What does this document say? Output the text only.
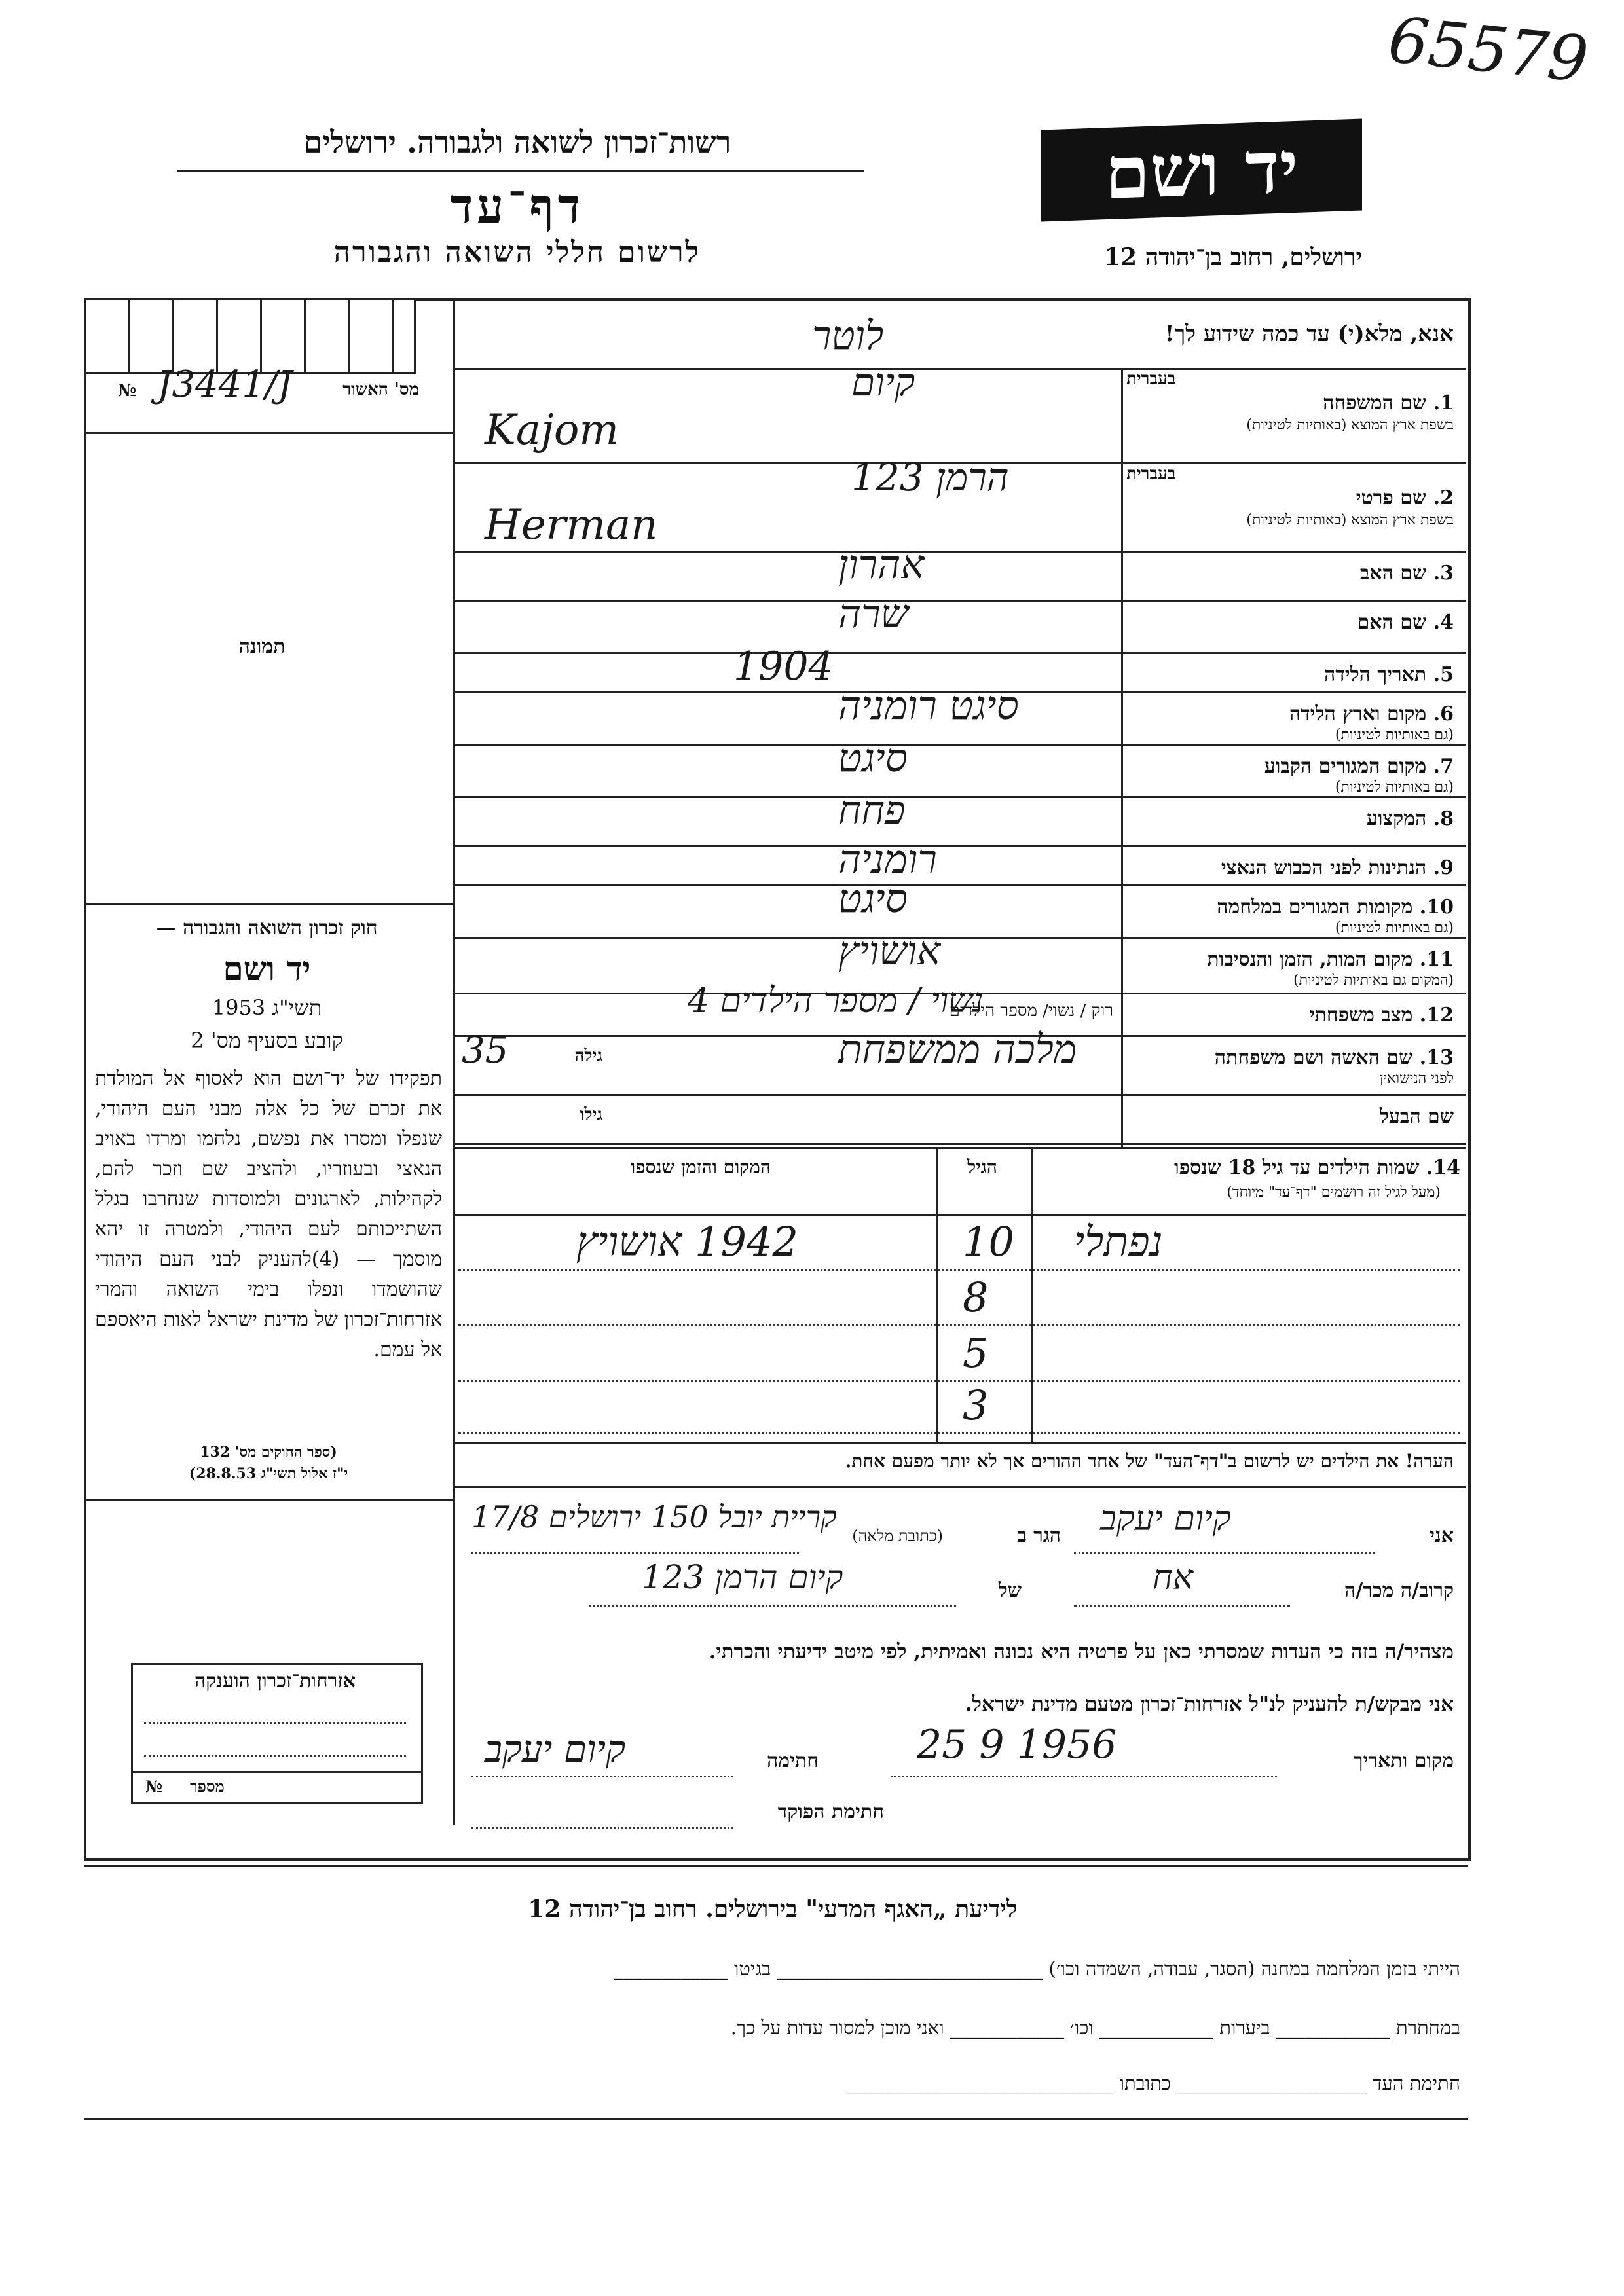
65579
רשות־זכרון לשואה ולגבורה. ירושלים
דף־עד
לרשום חללי השואה והגבורה
יד ושם
ירושלים, רחוב בן־יהודה 12
מס' האשור
№ J3441/J
תמונה
חוק זכרון השואה והגבורה —
יד ושם
תשי"ג 1953
קובע בסעיף מס' 2
תפקידו של יד־ושם הוא לאסוף אל המולדת את זכרם של כל אלה מבני העם היהודי, שנפלו ומסרו את נפשם, נלחמו ומרדו באויב הנאצי ובעוזריו, ולהציב שם וזכר להם, לקהילות, לארגונים ולמוסדות שנחרבו בגלל השתייכותם לעם היהודי, ולמטרה זו יהא מוסמך — (4)להעניק לבני העם היהודי שהושמדו ונפלו בימי השואה והמרי אזרחות־זכרון של מדינת ישראל לאות היאספם אל עמם.
(ספר החוקים מס' 132
י"ז אלול תשי"ג 28.8.53)
אזרחות־זכרון הוענקה
מספר
№
אנא, מלא(י) עד כמה שידוע לך!
לוטר
1. שם המשפחה
בעברית
בשפת ארץ המוצא (באותיות לטיניות)
קיום
Kajom
2. שם פרטי
בעברית
בשפת ארץ המוצא (באותיות לטיניות)
הרמן 123
Herman
3. שם האב
אהרון
4. שם האם
שרה
5. תאריך הלידה
1904
6. מקום וארץ הלידה
(גם באותיות לטיניות)
סיגט רומניה
7. מקום המגורים הקבוע
(גם באותיות לטיניות)
סיגט
8. המקצוע
פחח
9. הנתינות לפני הכבוש הנאצי
רומניה
10. מקומות המגורים במלחמה
(גם באותיות לטיניות)
סיגט
11. מקום המות, הזמן והנסיבות
(המקום גם באותיות לטיניות)
אושויץ
12. מצב משפחתי
רוק / נשוי/ מספר הילדים
נשוי / מספר הילדים 4
13. שם האשה ושם משפחתה
לפני הנישואין
מלכה ממשפחת
גילה
35
שם הבעל
גילו
14. שמות הילדים עד גיל 18 שנספו
(מעל לגיל זה רושמים "דף־עד" מיוחד)
הגיל
המקום והזמן שנספו
נפתלי
10
1942 אושויץ
8
5
3
הערה! את הילדים יש לרשום ב"דף־העד" של אחד ההורים אך לא יותר מפעם אחת.
אני
קיום יעקב
הגר ב
(כתובת מלאה)
17/8 קריית יובל 150 ירושלים
קרוב/ה מכר/ה
אח
של
קיום הרמן 123
מצהיר/ה בזה כי העדות שמסרתי כאן על פרטיה היא נכונה ואמיתית, לפי מיטב ידיעתי והכרתי.
אני מבקש/ת להעניק לנ"ל אזרחות־זכרון מטעם מדינת ישראל.
מקום ותאריך
25 9 1956
חתימה
קיום יעקב
חתימת הפוקד
לידיעת „האגף המדעי" בירושלים. רחוב בן־יהודה 12
הייתי בזמן המלחמה במחנה (הסגר, עבודה, השמדה וכו׳) ____________________________ בגיטו ____________
במחתרת ____________ ביערות ____________ וכו׳ ____________ ואני מוכן למסור עדות על כך.
חתימת העד ____________________ כתובתו ____________________________
